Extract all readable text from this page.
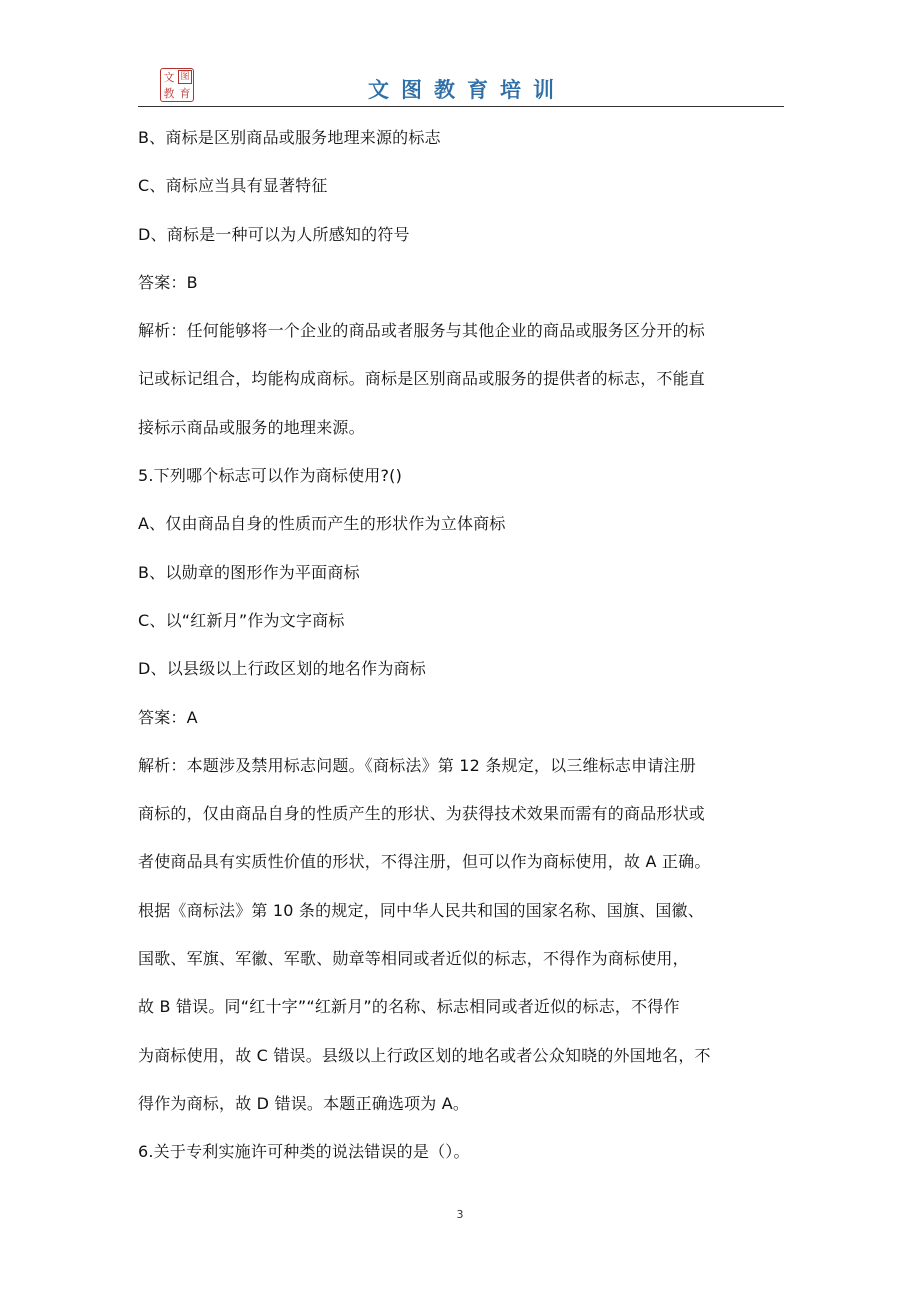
文 图
教 育	文图教育培训
B、商标是区别商品或服务地理来源的标志
C、商标应当具有显著特征
D、商标是一种可以为人所感知的符号
答案：B
解析：任何能够将一个企业的商品或者服务与其他企业的商品或服务区分开的标
记或标记组合，均能构成商标。商标是区别商品或服务的提供者的标志，不能直
接标示商品或服务的地理来源。
5.下列哪个标志可以作为商标使用?()
A、仅由商品自身的性质而产生的形状作为立体商标
B、以勋章的图形作为平面商标
C、以“红新月”作为文字商标
D、以县级以上行政区划的地名作为商标
答案：A
解析：本题涉及禁用标志问题。《商标法》第 12 条规定，以三维标志申请注册
商标的，仅由商品自身的性质产生的形状、为获得技术效果而需有的商品形状或
者使商品具有实质性价值的形状，不得注册，但可以作为商标使用，故 A 正确。
根据《商标法》第 10 条的规定，同中华人民共和国的国家名称、国旗、国徽、
国歌、军旗、军徽、军歌、勋章等相同或者近似的标志，不得作为商标使用，
故 B 错误。同“红十字”“红新月”的名称、标志相同或者近似的标志，不得作
为商标使用，故 C 错误。县级以上行政区划的地名或者公众知晓的外国地名，不
得作为商标，故 D 错误。本题正确选项为 A。
6.关于专利实施许可种类的说法错误的是（）。
3
